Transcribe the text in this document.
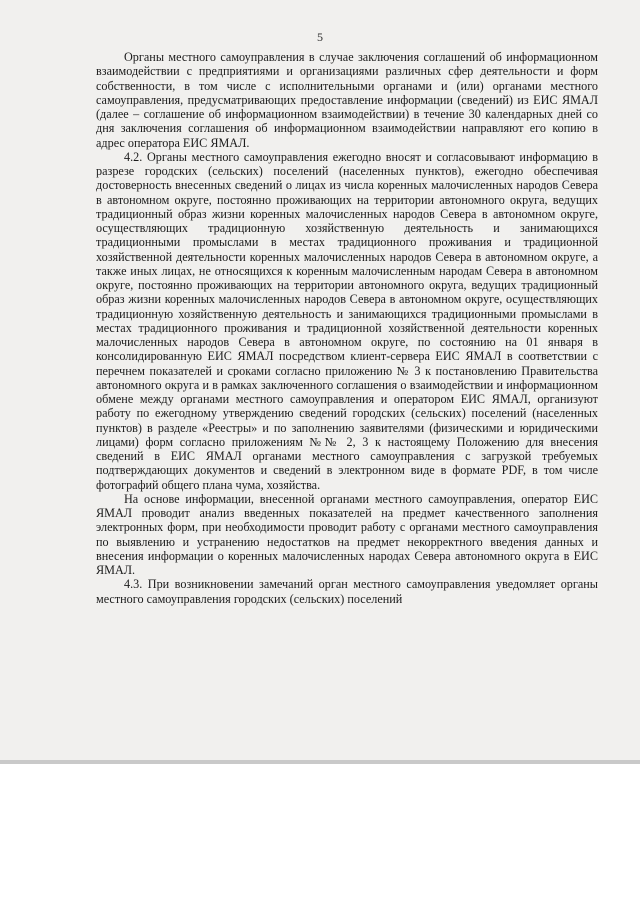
5

Органы местного самоуправления в случае заключения соглашений об информационном взаимодействии с предприятиями и организациями различных сфер деятельности и форм собственности, в том числе с исполнительными органами и (или) органами местного самоуправления, предусматривающих предоставление информации (сведений) из ЕИС ЯМАЛ (далее – соглашение об информационном взаимодействии) в течение 30 календарных дней со дня заключения соглашения об информационном взаимодействии направляют его копию в адрес оператора ЕИС ЯМАЛ.

4.2. Органы местного самоуправления ежегодно вносят и согласовывают информацию в разрезе городских (сельских) поселений (населенных пунктов), ежегодно обеспечивая достоверность внесенных сведений о лицах из числа коренных малочисленных народов Севера в автономном округе, постоянно проживающих на территории автономного округа, ведущих традиционный образ жизни коренных малочисленных народов Севера в автономном округе, осуществляющих традиционную хозяйственную деятельность и занимающихся традиционными промыслами в местах традиционного проживания и традиционной хозяйственной деятельности коренных малочисленных народов Севера в автономном округе, а также иных лицах, не относящихся к коренным малочисленным народам Севера в автономном округе, постоянно проживающих на территории автономного округа, ведущих традиционный образ жизни коренных малочисленных народов Севера в автономном округе, осуществляющих традиционную хозяйственную деятельность и занимающихся традиционными промыслами в местах традиционного проживания и традиционной хозяйственной деятельности коренных малочисленных народов Севера в автономном округе, по состоянию на 01 января в консолидированную ЕИС ЯМАЛ посредством клиент-сервера ЕИС ЯМАЛ в соответствии с перечнем показателей и сроками согласно приложению № 3 к постановлению Правительства автономного округа и в рамках заключенного соглашения о взаимодействии и информационном обмене между органами местного самоуправления и оператором ЕИС ЯМАЛ, организуют работу по ежегодному утверждению сведений городских (сельских) поселений (населенных пунктов) в разделе «Реестры» и по заполнению заявителями (физическими и юридическими лицами) форм согласно приложениям №№ 2, 3 к настоящему Положению для внесения сведений в ЕИС ЯМАЛ органами местного самоуправления с загрузкой требуемых подтверждающих документов и сведений в электронном виде в формате PDF, в том числе фотографий общего плана чума, хозяйства.

На основе информации, внесенной органами местного самоуправления, оператор ЕИС ЯМАЛ проводит анализ введенных показателей на предмет качественного заполнения электронных форм, при необходимости проводит работу с органами местного самоуправления по выявлению и устранению недостатков на предмет некорректного введения данных и внесения информации о коренных малочисленных народах Севера автономного округа в ЕИС ЯМАЛ.

4.3. При возникновении замечаний орган местного самоуправления уведомляет органы местного самоуправления городских (сельских) поселений
